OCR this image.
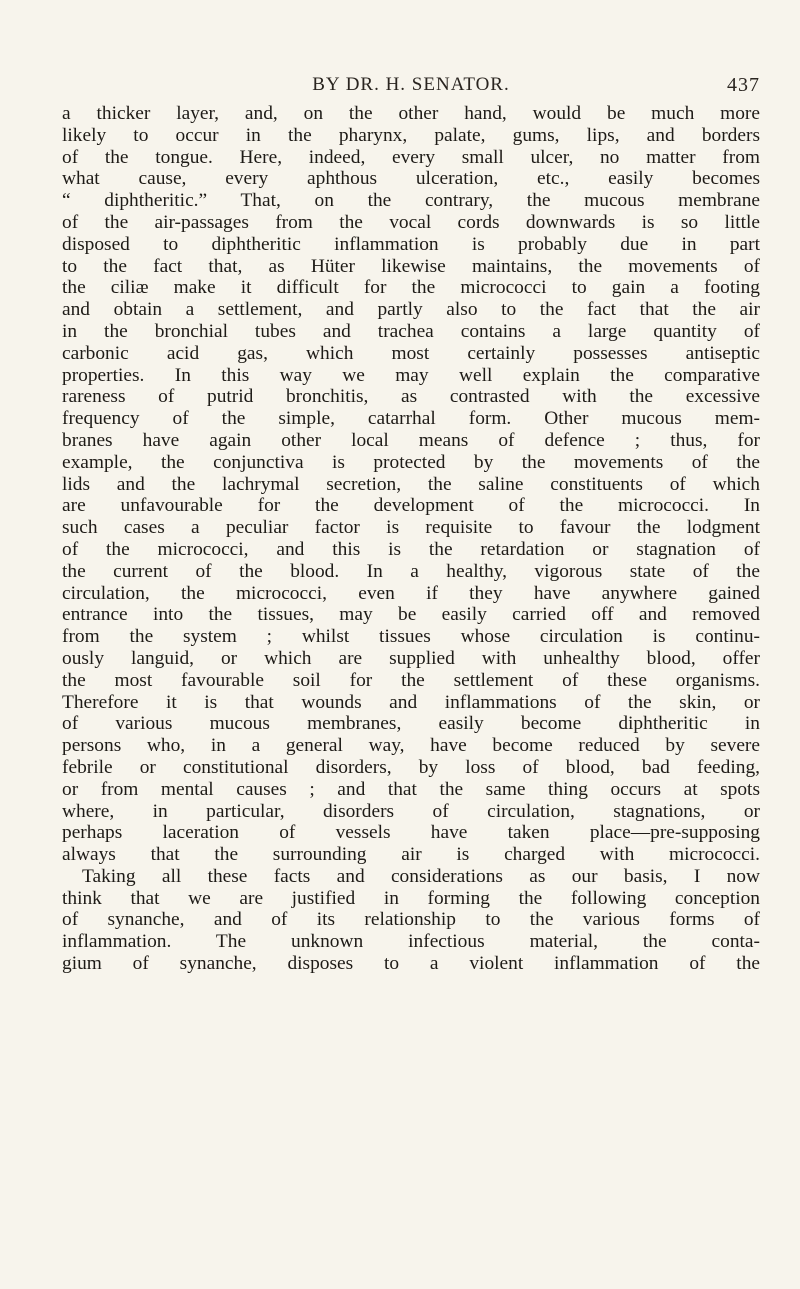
BY DR. H. SENATOR.	437
a thicker layer, and, on the other hand, would be much more
likely to occur in the pharynx, palate, gums, lips, and borders
of the tongue. Here, indeed, every small ulcer, no matter from
what cause, every aphthous ulceration, etc., easily becomes
“ diphtheritic.” That, on the contrary, the mucous membrane
of the air-passages from the vocal cords downwards is so little
disposed to diphtheritic inflammation is probably due in part
to the fact that, as Hüter likewise maintains, the movements of
the ciliæ make it difficult for the micrococci to gain a footing
and obtain a settlement, and partly also to the fact that the air
in the bronchial tubes and trachea contains a large quantity of
carbonic acid gas, which most certainly possesses antiseptic
properties. In this way we may well explain the comparative
rareness of putrid bronchitis, as contrasted with the excessive
frequency of the simple, catarrhal form. Other mucous mem-
branes have again other local means of defence ; thus, for
example, the conjunctiva is protected by the movements of the
lids and the lachrymal secretion, the saline constituents of which
are unfavourable for the development of the micrococci. In
such cases a peculiar factor is requisite to favour the lodgment
of the micrococci, and this is the retardation or stagnation of
the current of the blood. In a healthy, vigorous state of the
circulation, the micrococci, even if they have anywhere gained
entrance into the tissues, may be easily carried off and removed
from the system ; whilst tissues whose circulation is continu-
ously languid, or which are supplied with unhealthy blood, offer
the most favourable soil for the settlement of these organisms.
Therefore it is that wounds and inflammations of the skin, or
of various mucous membranes, easily become diphtheritic in
persons who, in a general way, have become reduced by severe
febrile or constitutional disorders, by loss of blood, bad feeding,
or from mental causes ; and that the same thing occurs at spots
where, in particular, disorders of circulation, stagnations, or
perhaps laceration of vessels have taken place—pre-supposing
always that the surrounding air is charged with micrococci.
Taking all these facts and considerations as our basis, I now
think that we are justified in forming the following conception
of synanche, and of its relationship to the various forms of
inflammation. The unknown infectious material, the conta-
gium of synanche, disposes to a violent inflammation of the
